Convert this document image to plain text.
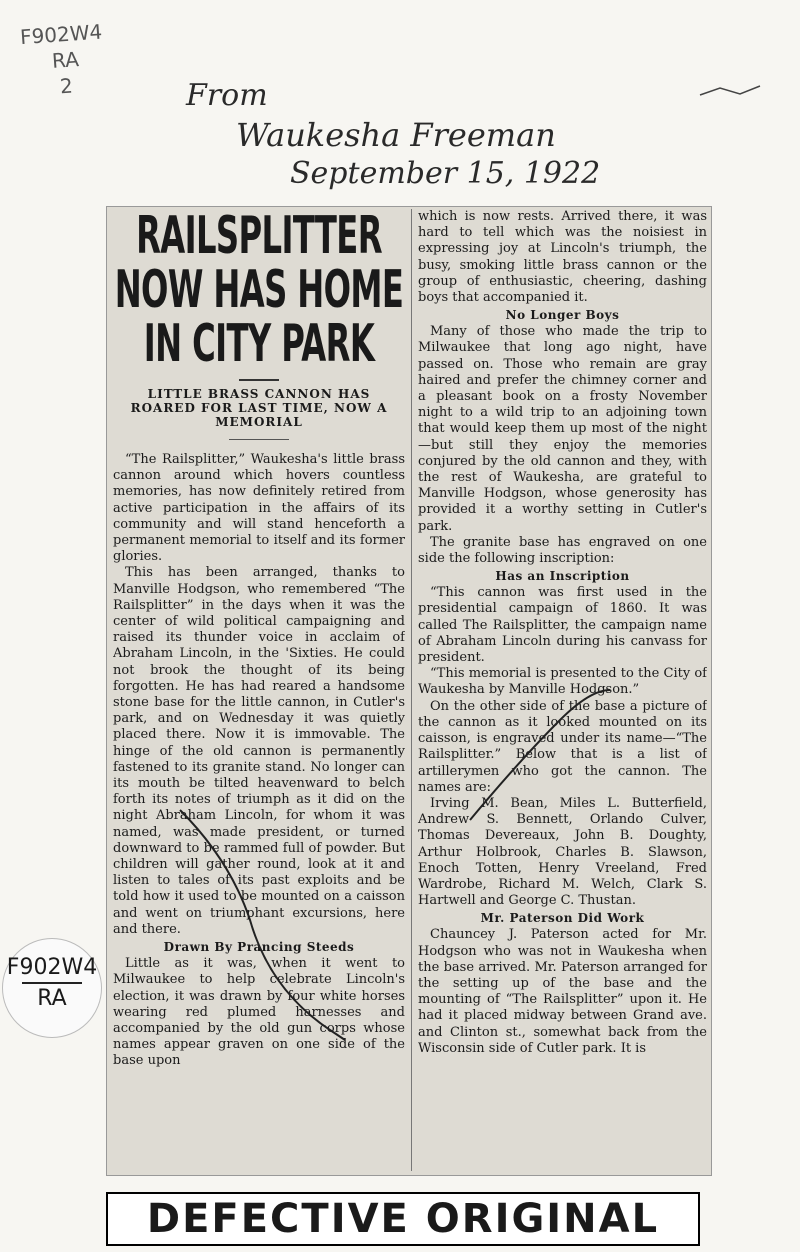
F902W4
RA
2	From
Waukesha Freeman
September 15, 1922
RAILSPLITTER
NOW HAS HOME
IN CITY PARK
LITTLE BRASS CANNON HAS ROARED FOR LAST TIME, NOW A MEMORIAL

“The Railsplitter,” Waukesha's little brass cannon around which hovers countless memories, has now definitely retired from active participation in the affairs of its community and will stand henceforth a permanent memorial to itself and its former glories.

This has been arranged, thanks to Manville Hodgson, who remembered “The Railsplitter” in the days when it was the center of wild political campaigning and raised its thunder voice in acclaim of Abraham Lincoln, in the 'Sixties. He could not brook the thought of its being forgotten. He has had reared a handsome stone base for the little cannon, in Cutler's park, and on Wednesday it was quietly placed there. Now it is immovable. The hinge of the old cannon is permanently fastened to its granite stand. No longer can its mouth be tilted heavenward to belch forth its notes of triumph as it did on the night Abraham Lincoln, for whom it was named, was made president, or turned downward to be rammed full of powder. But children will gather round, look at it and listen to tales of its past exploits and be told how it used to be mounted on a caisson and went on triumphant excursions, here and there.

Drawn By Prancing Steeds

Little as it was, when it went to Milwaukee to help celebrate Lincoln's election, it was drawn by four white horses wearing red plumed harnesses and accompanied by the old gun corps whose names appear graven on one side of the base upon

which is now rests. Arrived there, it was hard to tell which was the noisiest in expressing joy at Lincoln's triumph, the busy, smoking little brass cannon or the group of enthusiastic, cheering, dashing boys that accompanied it.

No Longer Boys

Many of those who made the trip to Milwaukee that long ago night, have passed on. Those who remain are gray haired and prefer the chimney corner and a pleasant book on a frosty November night to a wild trip to an adjoining town that would keep them up most of the night—but still they enjoy the memories conjured by the old cannon and they, with the rest of Waukesha, are grateful to Manville Hodgson, whose generosity has provided it a worthy setting in Cutler's park.

The granite base has engraved on one side the following inscription:

Has an Inscription

“This cannon was first used in the presidential campaign of 1860. It was called The Railsplitter, the campaign name of Abraham Lincoln during his canvass for president.

“This memorial is presented to the City of Waukesha by Manville Hodgson.”

On the other side of the base a picture of the cannon as it looked mounted on its caisson, is engraved under its name—“The Railsplitter.” Below that is a list of artillerymen who got the cannon. The names are:

Irving M. Bean, Miles L. Butterfield, Andrew S. Bennett, Orlando Culver, Thomas Devereaux, John B. Doughty, Arthur Holbrook, Charles B. Slawson, Enoch Totten, Henry Vreeland, Fred Wardrobe, Richard M. Welch, Clark S. Hartwell and George C. Thustan.

Mr. Paterson Did Work

Chauncey J. Paterson acted for Mr. Hodgson who was not in Waukesha when the base arrived. Mr. Paterson arranged for the setting up of the base and the mounting of “The Railsplitter” upon it. He had it placed midway between Grand ave. and Clinton st., somewhat back from the Wisconsin side of Cutler park. It is

F902W4
RA
DEFECTIVE ORIGINAL
